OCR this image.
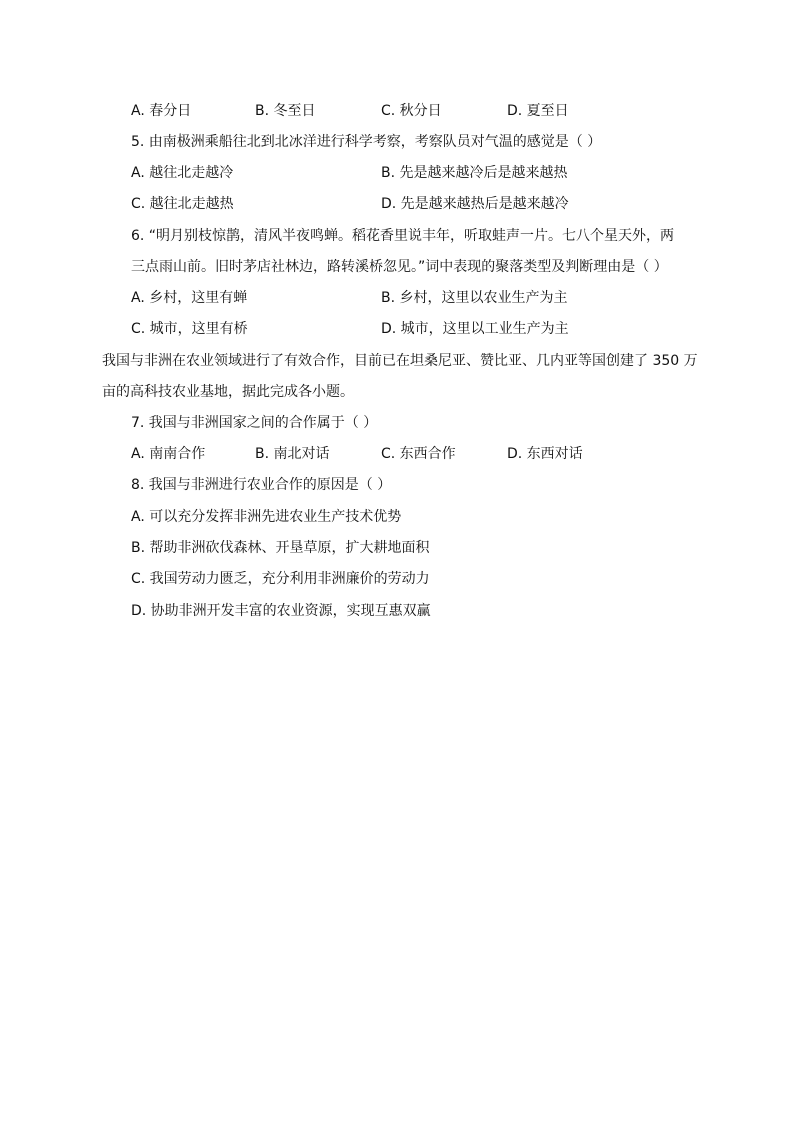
A. 春分日	B. 冬至日	C. 秋分日	D. 夏至日
5. 由南极洲乘船往北到北冰洋进行科学考察，考察队员对气温的感觉是（ ）
A. 越往北走越冷	B. 先是越来越冷后是越来越热
C. 越往北走越热	D. 先是越来越热后是越来越冷
6. “明月别枝惊鹊，清风半夜鸣蝉。稻花香里说丰年，听取蛙声一片。七八个星天外，两
三点雨山前。旧时茅店社林边，路转溪桥忽见。”词中表现的聚落类型及判断理由是（ ）
A. 乡村，这里有蝉	B. 乡村，这里以农业生产为主
C. 城市，这里有桥	D. 城市，这里以工业生产为主
我国与非洲在农业领域进行了有效合作，目前已在坦桑尼亚、赞比亚、几内亚等国创建了 350 万
亩的高科技农业基地，据此完成各小题。
7. 我国与非洲国家之间的合作属于（ ）
A. 南南合作	B. 南北对话	C. 东西合作	D. 东西对话
8. 我国与非洲进行农业合作的原因是（ ）
A. 可以充分发挥非洲先进农业生产技术优势
B. 帮助非洲砍伐森林、开垦草原，扩大耕地面积
C. 我国劳动力匮乏，充分利用非洲廉价的劳动力
D. 协助非洲开发丰富的农业资源，实现互惠双赢
